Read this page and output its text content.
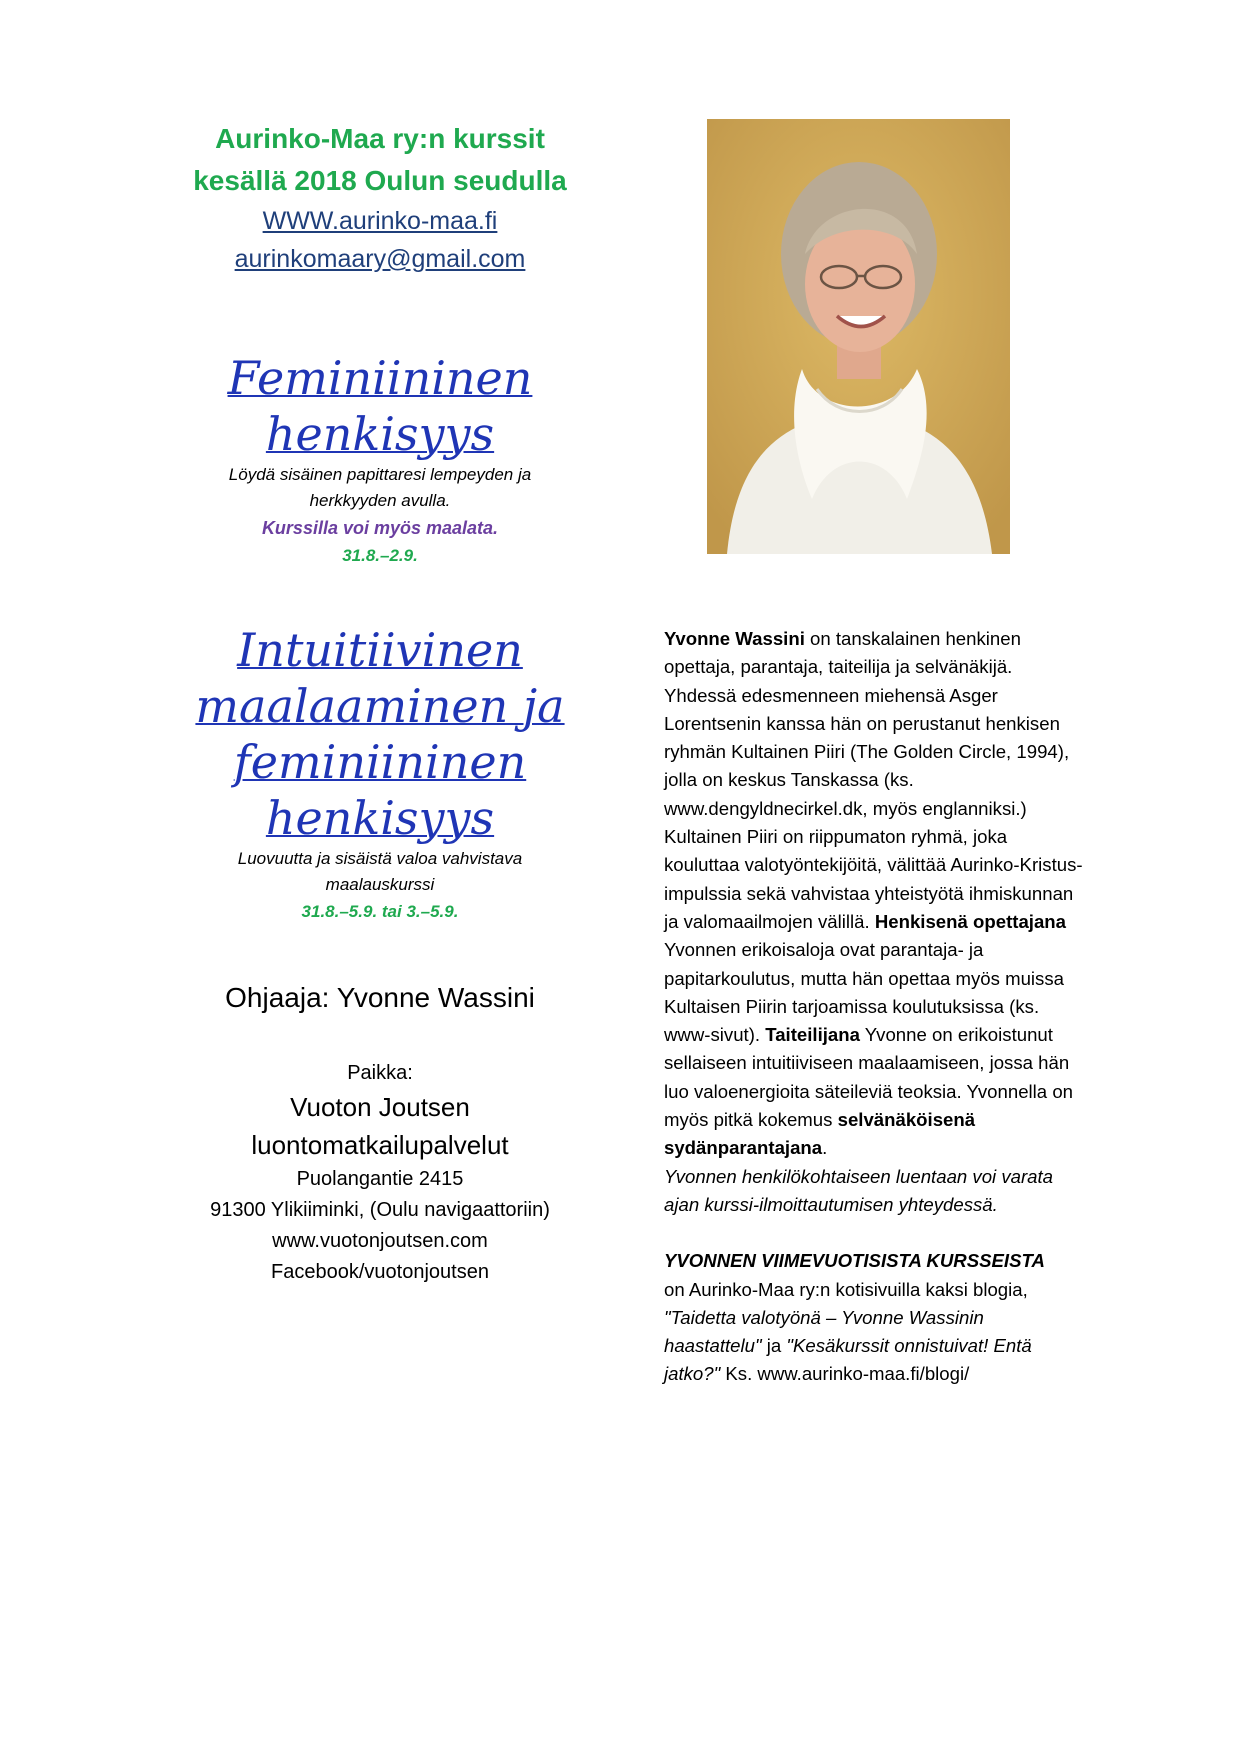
Aurinko-Maa ry:n kurssit
kesällä 2018 Oulun seudulla
WWW.aurinko-maa.fi
aurinkomaary@gmail.com
Feminiininen
henkisyys
Löydä sisäinen papittaresi lempeyden ja
herkkyyden avulla.
Kurssilla voi myös maalata.
31.8.–2.9.
Intuitiivinen
maalaaminen ja
feminiininen
henkisyys
Luovuutta ja sisäistä valoa vahvistava
maalauskurssi
31.8.–5.9. tai 3.–5.9.
Ohjaaja: Yvonne Wassini
Paikka:
Vuoton Joutsen
luontomatkailupalvelut
Puolangantie 2415
91300 Ylikiiminki, (Oulu navigaattoriin)
www.vuotonjoutsen.com
Facebook/vuotonjoutsen

Yvonne Wassini on tanskalainen henkinen opettaja, parantaja, taiteilija ja selvänäkijä. Yhdessä edesmenneen miehensä Asger Lorentsenin kanssa hän on perustanut henkisen ryhmän Kultainen Piiri (The Golden Circle, 1994), jolla on keskus Tanskassa (ks. www.dengyldnecirkel.dk, myös englanniksi.) Kultainen Piiri on riippumaton ryhmä, joka kouluttaa valotyöntekijöitä, välittää Aurinko-Kristus-impulssia sekä vahvistaa yhteistyötä ihmiskunnan ja valomaailmojen välillä. Henkisenä opettajana Yvonnen erikoisaloja ovat parantaja- ja papitarkoulutus, mutta hän opettaa myös muissa Kultaisen Piirin tarjoamissa koulutuksissa (ks. www-sivut). Taiteilijana Yvonne on erikoistunut sellaiseen intuitiiviseen maalaamiseen, jossa hän luo valoenergioita säteileviä teoksia. Yvonnella on myös pitkä kokemus selvänäköisenä sydänparantajana.

Yvonnen henkilökohtaiseen luentaan voi varata ajan kurssi-ilmoittautumisen yhteydessä.

YVONNEN VIIMEVUOTISISTA KURSSEISTA
on Aurinko-Maa ry:n kotisivuilla kaksi blogia, "Taidetta valotyönä – Yvonne Wassinin haastattelu" ja "Kesäkurssit onnistuivat! Entä jatko?" Ks. www.aurinko-maa.fi/blogi/
